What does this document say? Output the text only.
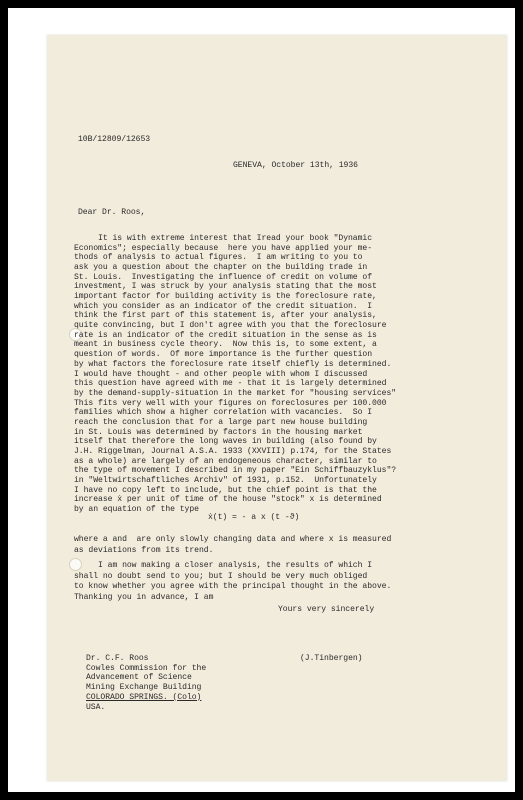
10B/12809/12653
GENEVA, October 13th, 1936
Dear Dr. Roos,
It is with extreme interest that Iread your book "Dynamic
Economics"; especially because  here you have applied your me-
thods of analysis to actual figures.  I am writing to you to
ask you a question about the chapter on the building trade in
St. Louis.  Investigating the influence of credit on volume of
investment, I was struck by your analysis stating that the most
important factor for building activity is the foreclosure rate,
which you consider as an indicator of the credit situation.  I
think the first part of this statement is, after your analysis,
quite convincing, but I don't agree with you that the foreclosure
rate is an indicator of the credit situation in the sense as is
meant in business cycle theory.  Now this is, to some extent, a
question of words.  Of more importance is the further question
by what factors the foreclosure rate itself chiefly is determined.
I would have thought - and other people with whom I discussed
this question have agreed with me - that it is largely determined
by the demand-supply-situation in the market for "housing services"
This fits very well with your figures on foreclosures per 100.000
families which show a higher correlation with vacancies.  So I
reach the conclusion that for a large part new house building
in St. Louis was determined by factors in the housing market
itself that therefore the long waves in building (also found by
J.H. Riggelman, Journal A.S.A. 1933 (XXVIII) p.174, for the States
as a whole) are largely of an endogeneous character, similar to
the type of movement I described in my paper "Ein Schiffbauzyklus"?
in "Weltwirtschaftliches Archiv" of 1931, p.152.  Unfortunately
I have no copy left to include, but the chief point is that the
increase ẋ per unit of time of the house "stock" x is determined
by an equation of the type
ẋ(t) = - a x (t -ϑ)
where a and  are only slowly changing data and where x is measured
as deviations from its trend.
I am now making a closer analysis, the results of which I
shall no doubt send to you; but I should be very much obliged
to know whether you agree with the principal thought in the above.
Thanking you in advance, I am
Yours very sincerely
(J.Tinbergen)
Dr. C.F. Roos
Cowles Commission for the
Advancement of Science
Mining Exchange Building
COLORADO SPRINGS. (Colo)
USA.
